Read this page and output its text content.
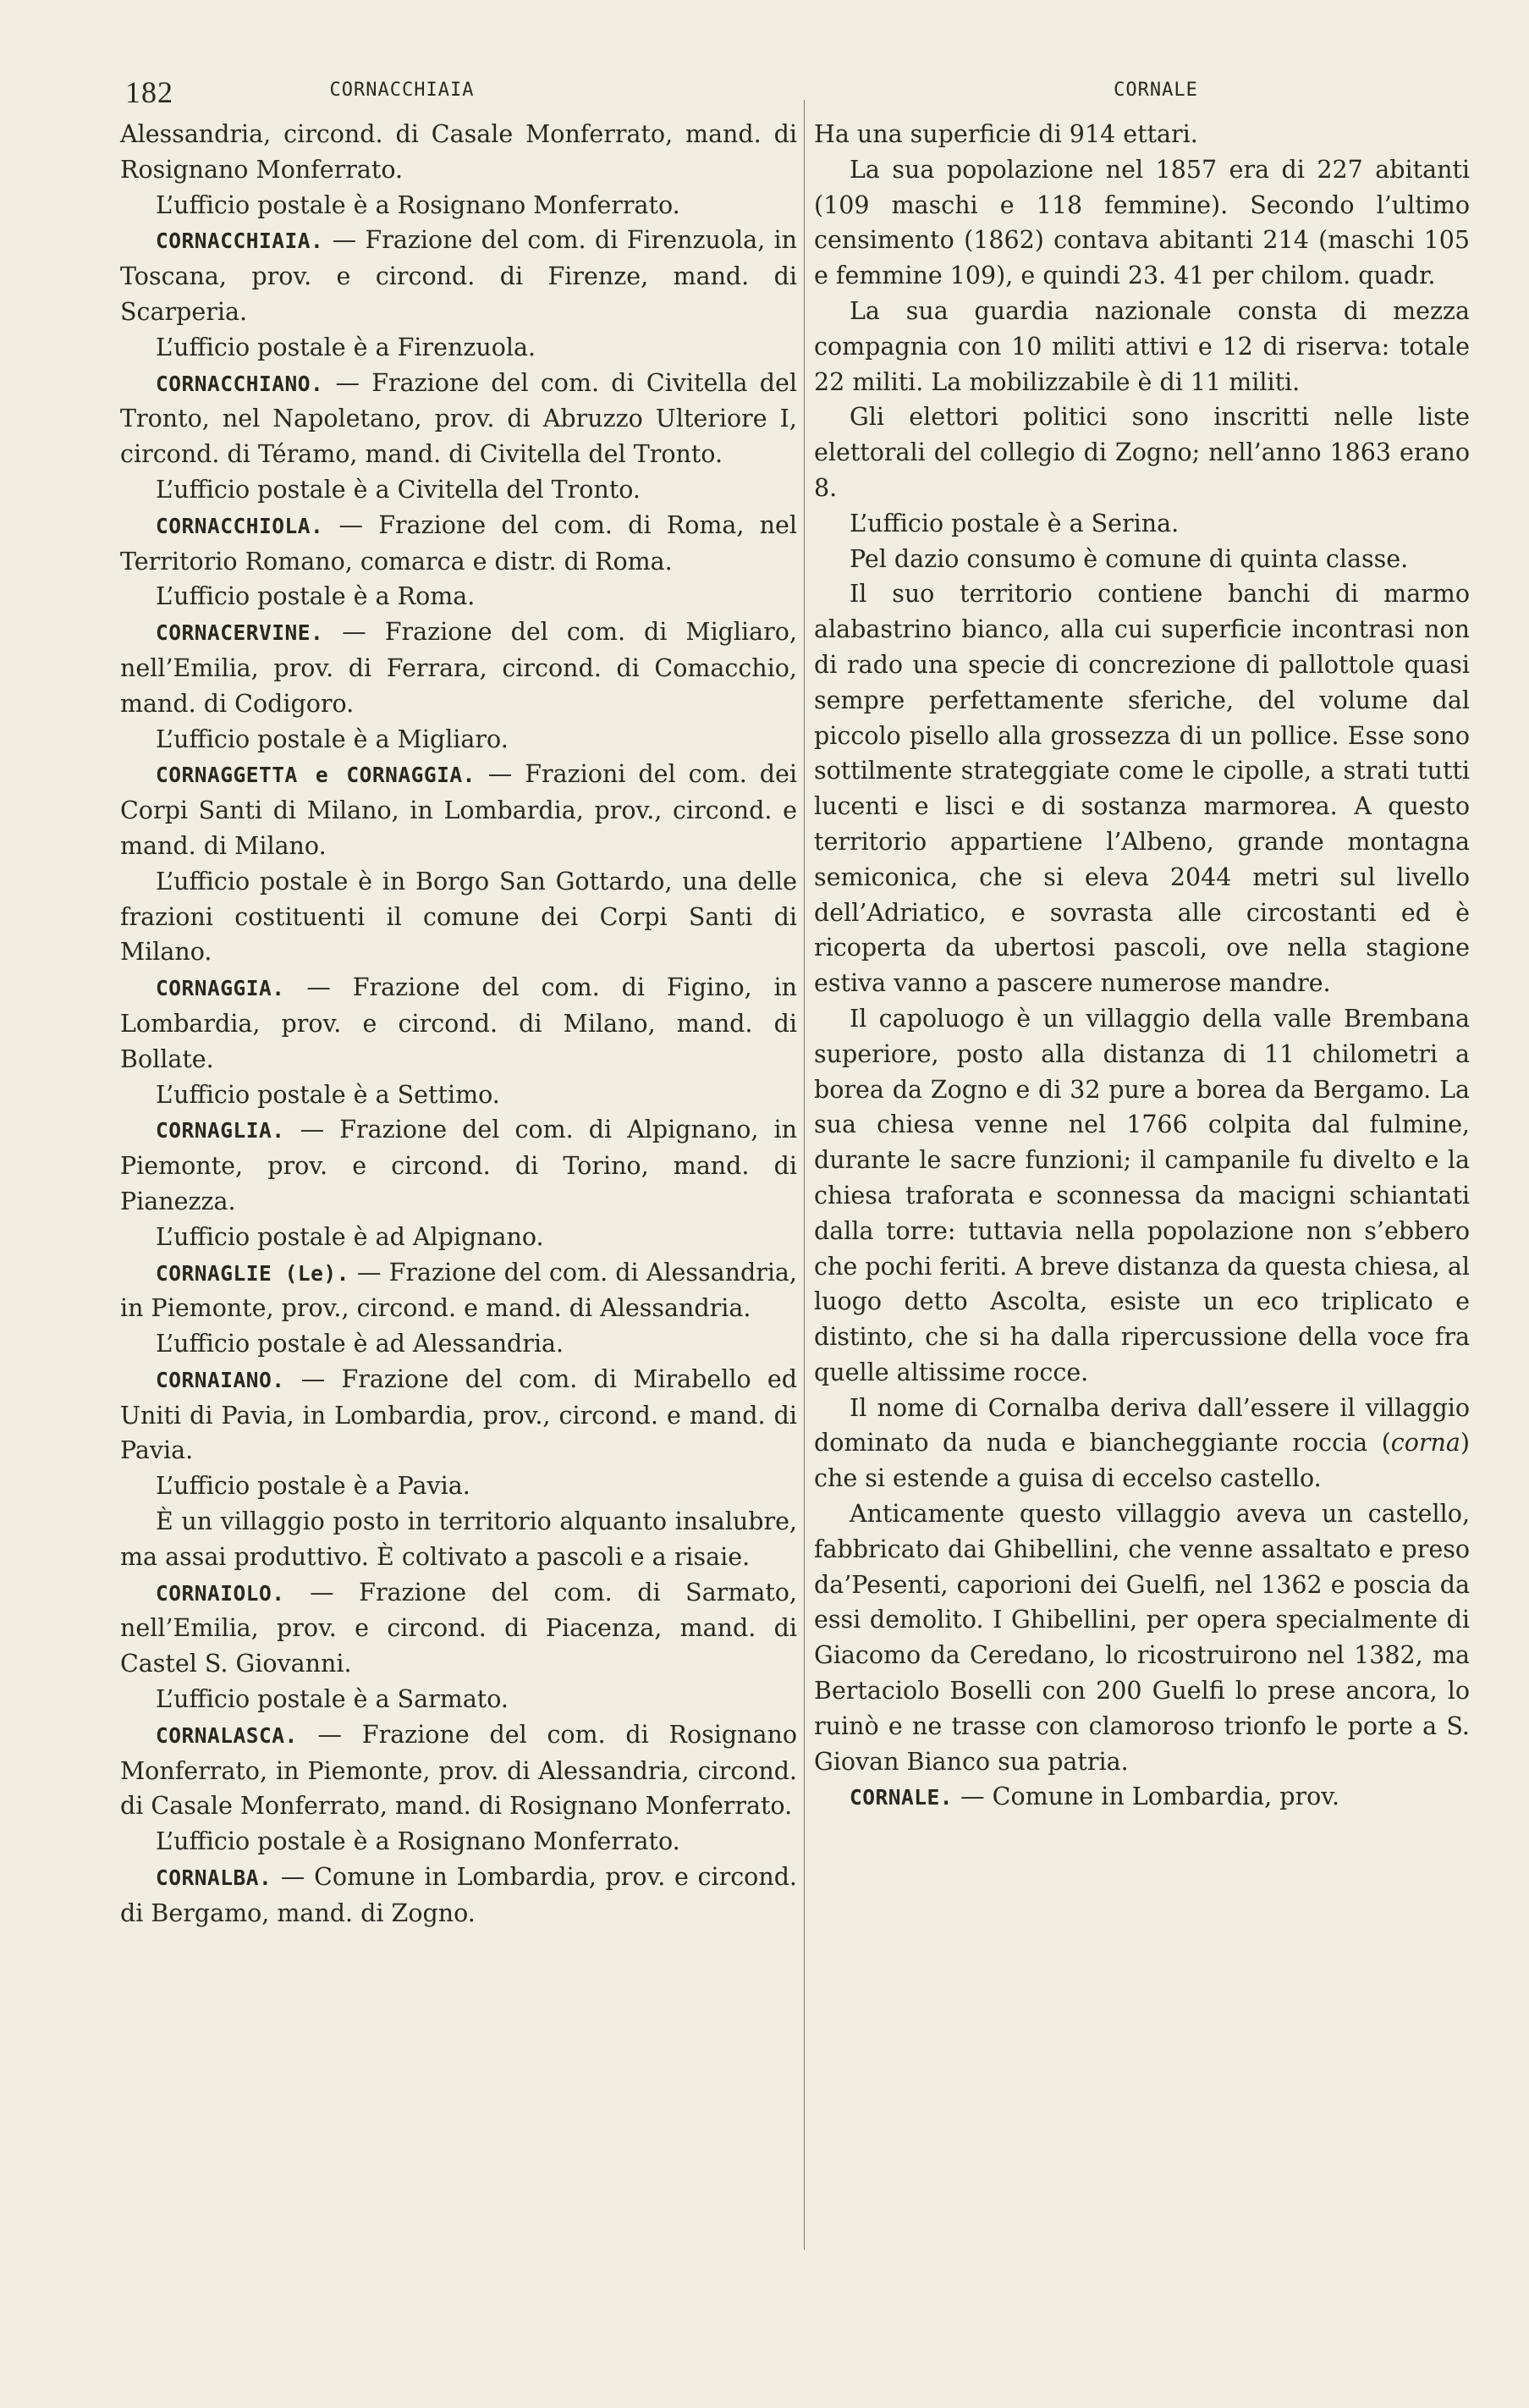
182	CORNACCHIAIA	CORNALE

Alessandria, circond. di Casale Monferrato, mand. di Rosignano Monferrato.

L’ufficio postale è a Rosignano Monferrato.

CORNACCHIAIA. — Frazione del com. di Firenzuola, in Toscana, prov. e circond. di Firenze, mand. di Scarperia.

L’ufficio postale è a Firenzuola.

CORNACCHIANO. — Frazione del com. di Civitella del Tronto, nel Napoletano, prov. di Abruzzo Ulteriore I, circond. di Téramo, mand. di Civitella del Tronto.

L’ufficio postale è a Civitella del Tronto.

CORNACCHIOLA. — Frazione del com. di Roma, nel Territorio Romano, comarca e distr. di Roma.

L’ufficio postale è a Roma.

CORNACERVINE. — Frazione del com. di Migliaro, nell’Emilia, prov. di Ferrara, circond. di Comacchio, mand. di Codigoro.

L’ufficio postale è a Migliaro.

CORNAGGETTA e CORNAGGIA. — Frazioni del com. dei Corpi Santi di Milano, in Lombardia, prov., circond. e mand. di Milano.

L’ufficio postale è in Borgo San Gottardo, una delle frazioni costituenti il comune dei Corpi Santi di Milano.

CORNAGGIA. — Frazione del com. di Figino, in Lombardia, prov. e circond. di Milano, mand. di Bollate.

L’ufficio postale è a Settimo.

CORNAGLIA. — Frazione del com. di Alpignano, in Piemonte, prov. e circond. di Torino, mand. di Pianezza.

L’ufficio postale è ad Alpignano.

CORNAGLIE (Le). — Frazione del com. di Alessandria, in Piemonte, prov., circond. e mand. di Alessandria.

L’ufficio postale è ad Alessandria.

CORNAIANO. — Frazione del com. di Mirabello ed Uniti di Pavia, in Lombardia, prov., circond. e mand. di Pavia.

L’ufficio postale è a Pavia.

È un villaggio posto in territorio alquanto insalubre, ma assai produttivo. È coltivato a pascoli e a risaie.

CORNAIOLO. — Frazione del com. di Sarmato, nell’Emilia, prov. e circond. di Piacenza, mand. di Castel S. Giovanni.

L’ufficio postale è a Sarmato.

CORNALASCA. — Frazione del com. di Rosignano Monferrato, in Piemonte, prov. di Alessandria, circond. di Casale Monferrato, mand. di Rosignano Monferrato.

L’ufficio postale è a Rosignano Monferrato.

CORNALBA. — Comune in Lombardia, prov. e circond. di Bergamo, mand. di Zogno.

Ha una superficie di 914 ettari.

La sua popolazione nel 1857 era di 227 abitanti (109 maschi e 118 femmine). Secondo l’ultimo censimento (1862) contava abitanti 214 (maschi 105 e femmine 109), e quindi 23. 41 per chilom. quadr.

La sua guardia nazionale consta di mezza compagnia con 10 militi attivi e 12 di riserva: totale 22 militi. La mobilizzabile è di 11 militi.

Gli elettori politici sono inscritti nelle liste elettorali del collegio di Zogno; nell’anno 1863 erano 8.

L’ufficio postale è a Serina.

Pel dazio consumo è comune di quinta classe.

Il suo territorio contiene banchi di marmo alabastrino bianco, alla cui superficie incontrasi non di rado una specie di concrezione di pallottole quasi sempre perfettamente sferiche, del volume dal piccolo pisello alla grossezza di un pollice. Esse sono sottilmente strateggiate come le cipolle, a strati tutti lucenti e lisci e di sostanza marmorea. A questo territorio appartiene l’Albeno, grande montagna semiconica, che si eleva 2044 metri sul livello dell’Adriatico, e sovrasta alle circostanti ed è ricoperta da ubertosi pascoli, ove nella stagione estiva vanno a pascere numerose mandre.

Il capoluogo è un villaggio della valle Brembana superiore, posto alla distanza di 11 chilometri a borea da Zogno e di 32 pure a borea da Bergamo. La sua chiesa venne nel 1766 colpita dal fulmine, durante le sacre funzioni; il campanile fu divelto e la chiesa traforata e sconnessa da macigni schiantati dalla torre: tuttavia nella popolazione non s’ebbero che pochi feriti. A breve distanza da questa chiesa, al luogo detto Ascolta, esiste un eco triplicato e distinto, che si ha dalla ripercussione della voce fra quelle altissime rocce.

Il nome di Cornalba deriva dall’essere il villaggio dominato da nuda e biancheggiante roccia (corna) che si estende a guisa di eccelso castello.

Anticamente questo villaggio aveva un castello, fabbricato dai Ghibellini, che venne assaltato e preso da’Pesenti, caporioni dei Guelfi, nel 1362 e poscia da essi demolito. I Ghibellini, per opera specialmente di Giacomo da Ceredano, lo ricostruirono nel 1382, ma Bertaciolo Boselli con 200 Guelfi lo prese ancora, lo ruinò e ne trasse con clamoroso trionfo le porte a S. Giovan Bianco sua patria.

CORNALE. — Comune in Lombardia, prov.
